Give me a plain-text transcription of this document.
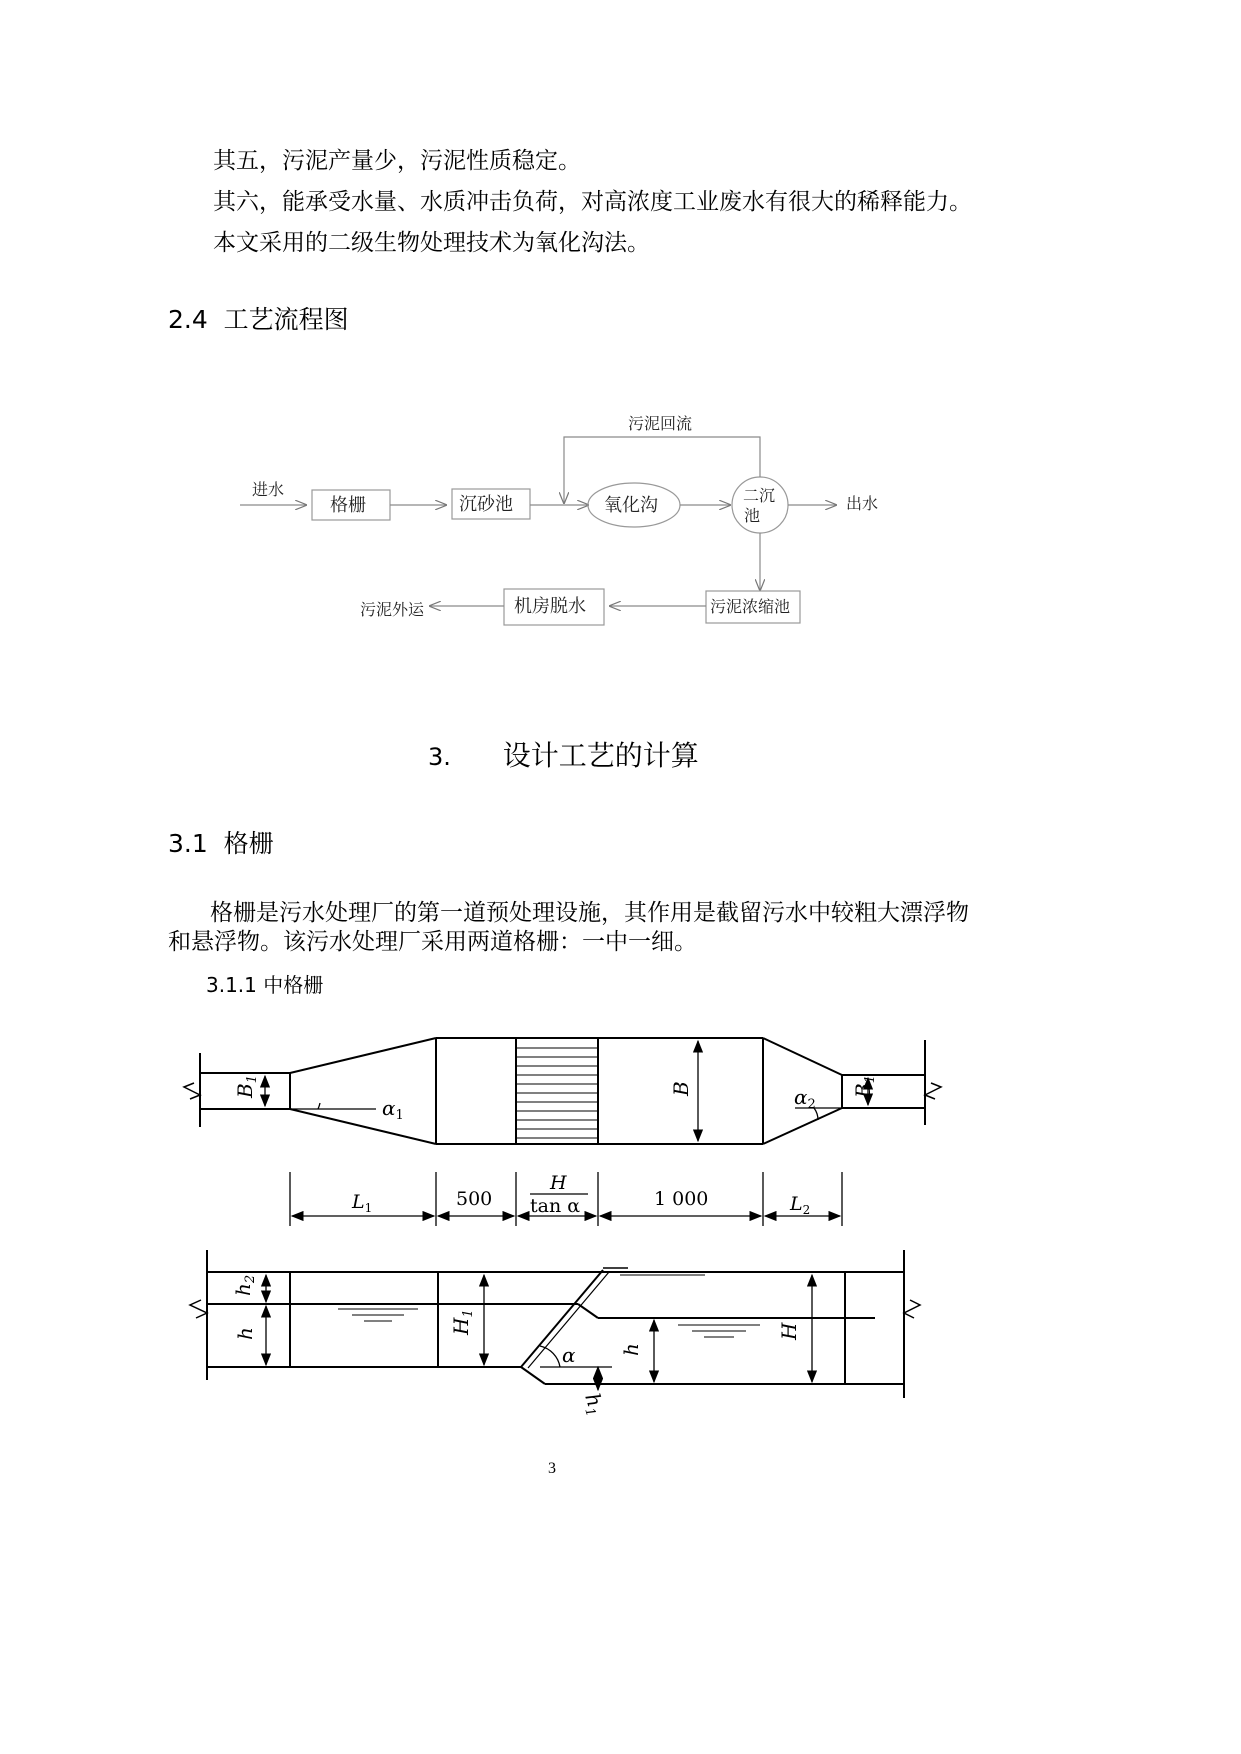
其五，污泥产量少，污泥性质稳定。

其六，能承受水量、水质冲击负荷，对高浓度工业废水有很大的稀释能力。

本文采用的二级生物处理技术为氧化沟法。

2.4 工艺流程图
进水
格栅	沉砂池	氧化沟	二沉
池
出水
污泥回流
污泥浓缩池
机房脱水
污泥外运
3. 设计工艺的计算
3.1 格栅

格栅是污水处理厂的第一道预处理设施，其作用是截留污水中较粗大漂浮物

和悬浮物。该污水处理厂采用两道格栅：一中一细。

3.1.1 中格栅
$B_1$
$\alpha_1$
B	$\alpha_2$
$B_1$
$L_1$	500
H
tan α	1 000	$L_2$
$h_2$
h	$H_1$
α h
H
$h_1$
3
